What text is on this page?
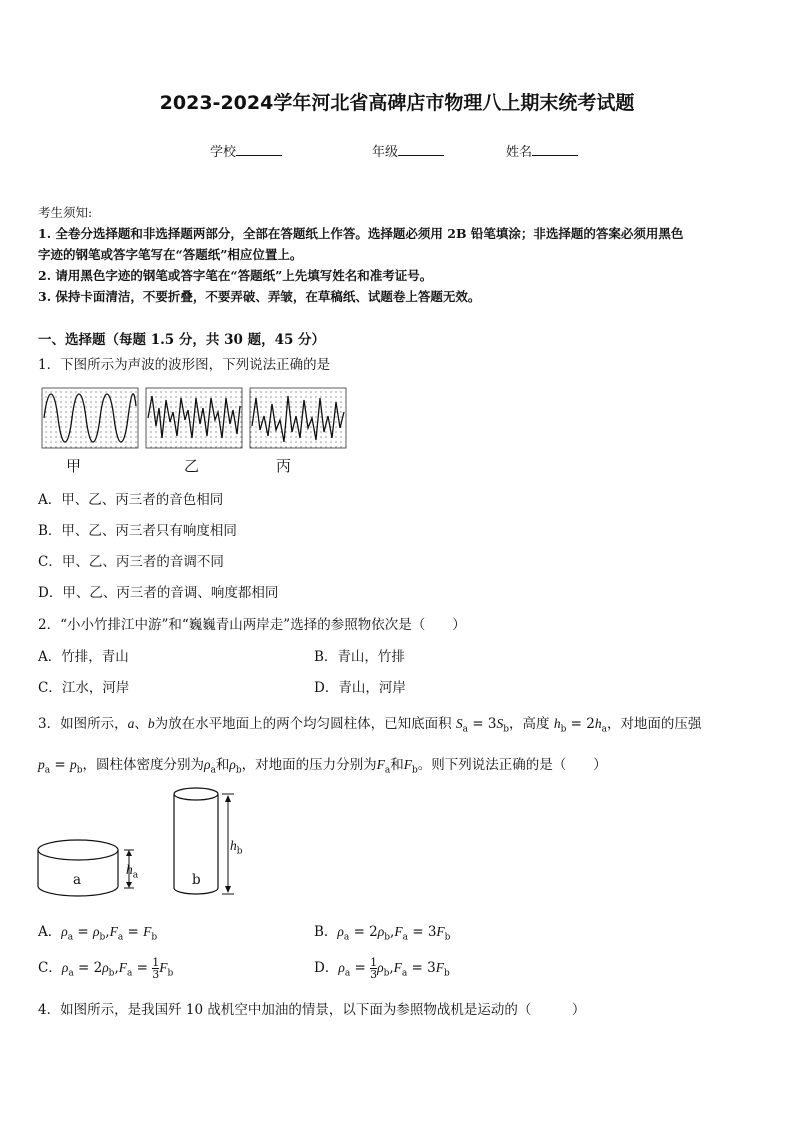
2023-2024学年河北省高碑店市物理八上期末统考试题
学校	年级	姓名
考生须知:
1. 全卷分选择题和非选择题两部分，全部在答题纸上作答。选择题必须用 2B 铅笔填涂；非选择题的答案必须用黑色
字迹的钢笔或答字笔写在“答题纸”相应位置上。
2. 请用黑色字迹的钢笔或答字笔在“答题纸”上先填写姓名和准考证号。
3. 保持卡面清洁，不要折叠，不要弄破、弄皱，在草稿纸、试题卷上答题无效。
一、选择题（每题 1.5 分，共 30 题，45 分）
1．下图所示为声波的波形图，下列说法正确的是
甲	乙	丙
A．甲、乙、丙三者的音色相同
B．甲、乙、丙三者只有响度相同
C．甲、乙、丙三者的音调不同
D．甲、乙、丙三者的音调、响度都相同
2．“小小竹排江中游”和“巍巍青山两岸走”选择的参照物依次是（　　）
A．竹排，青山	B．青山，竹排
C．江水，河岸	D．青山，河岸
3．如图所示，a、b为放在水平地面上的两个均匀圆柱体，已知底面积 $S_a = 3S_b$，高度 $h_b = 2h_a$，对地面的压强
$p_a = p_b$，圆柱体密度分别为$\rho_a$和$\rho_b$，对地面的压力分别为$F_a$和$F_b$。则下列说法正确的是（　　）
a	b
$h_a$
$h_b$
A．$\rho_a = \rho_b,F_a = F_b$	B．$\rho_a = 2\rho_b,F_a = 3F_b$
C．$\rho_a = 2\rho_b,F_a = \frac{1}{3} F_b$	D．$\rho_a = \frac{1}{3} \rho_b,F_a = 3F_b$
4．如图所示，是我国歼 10 战机空中加油的情景，以下面为参照物战机是运动的（　　　）
